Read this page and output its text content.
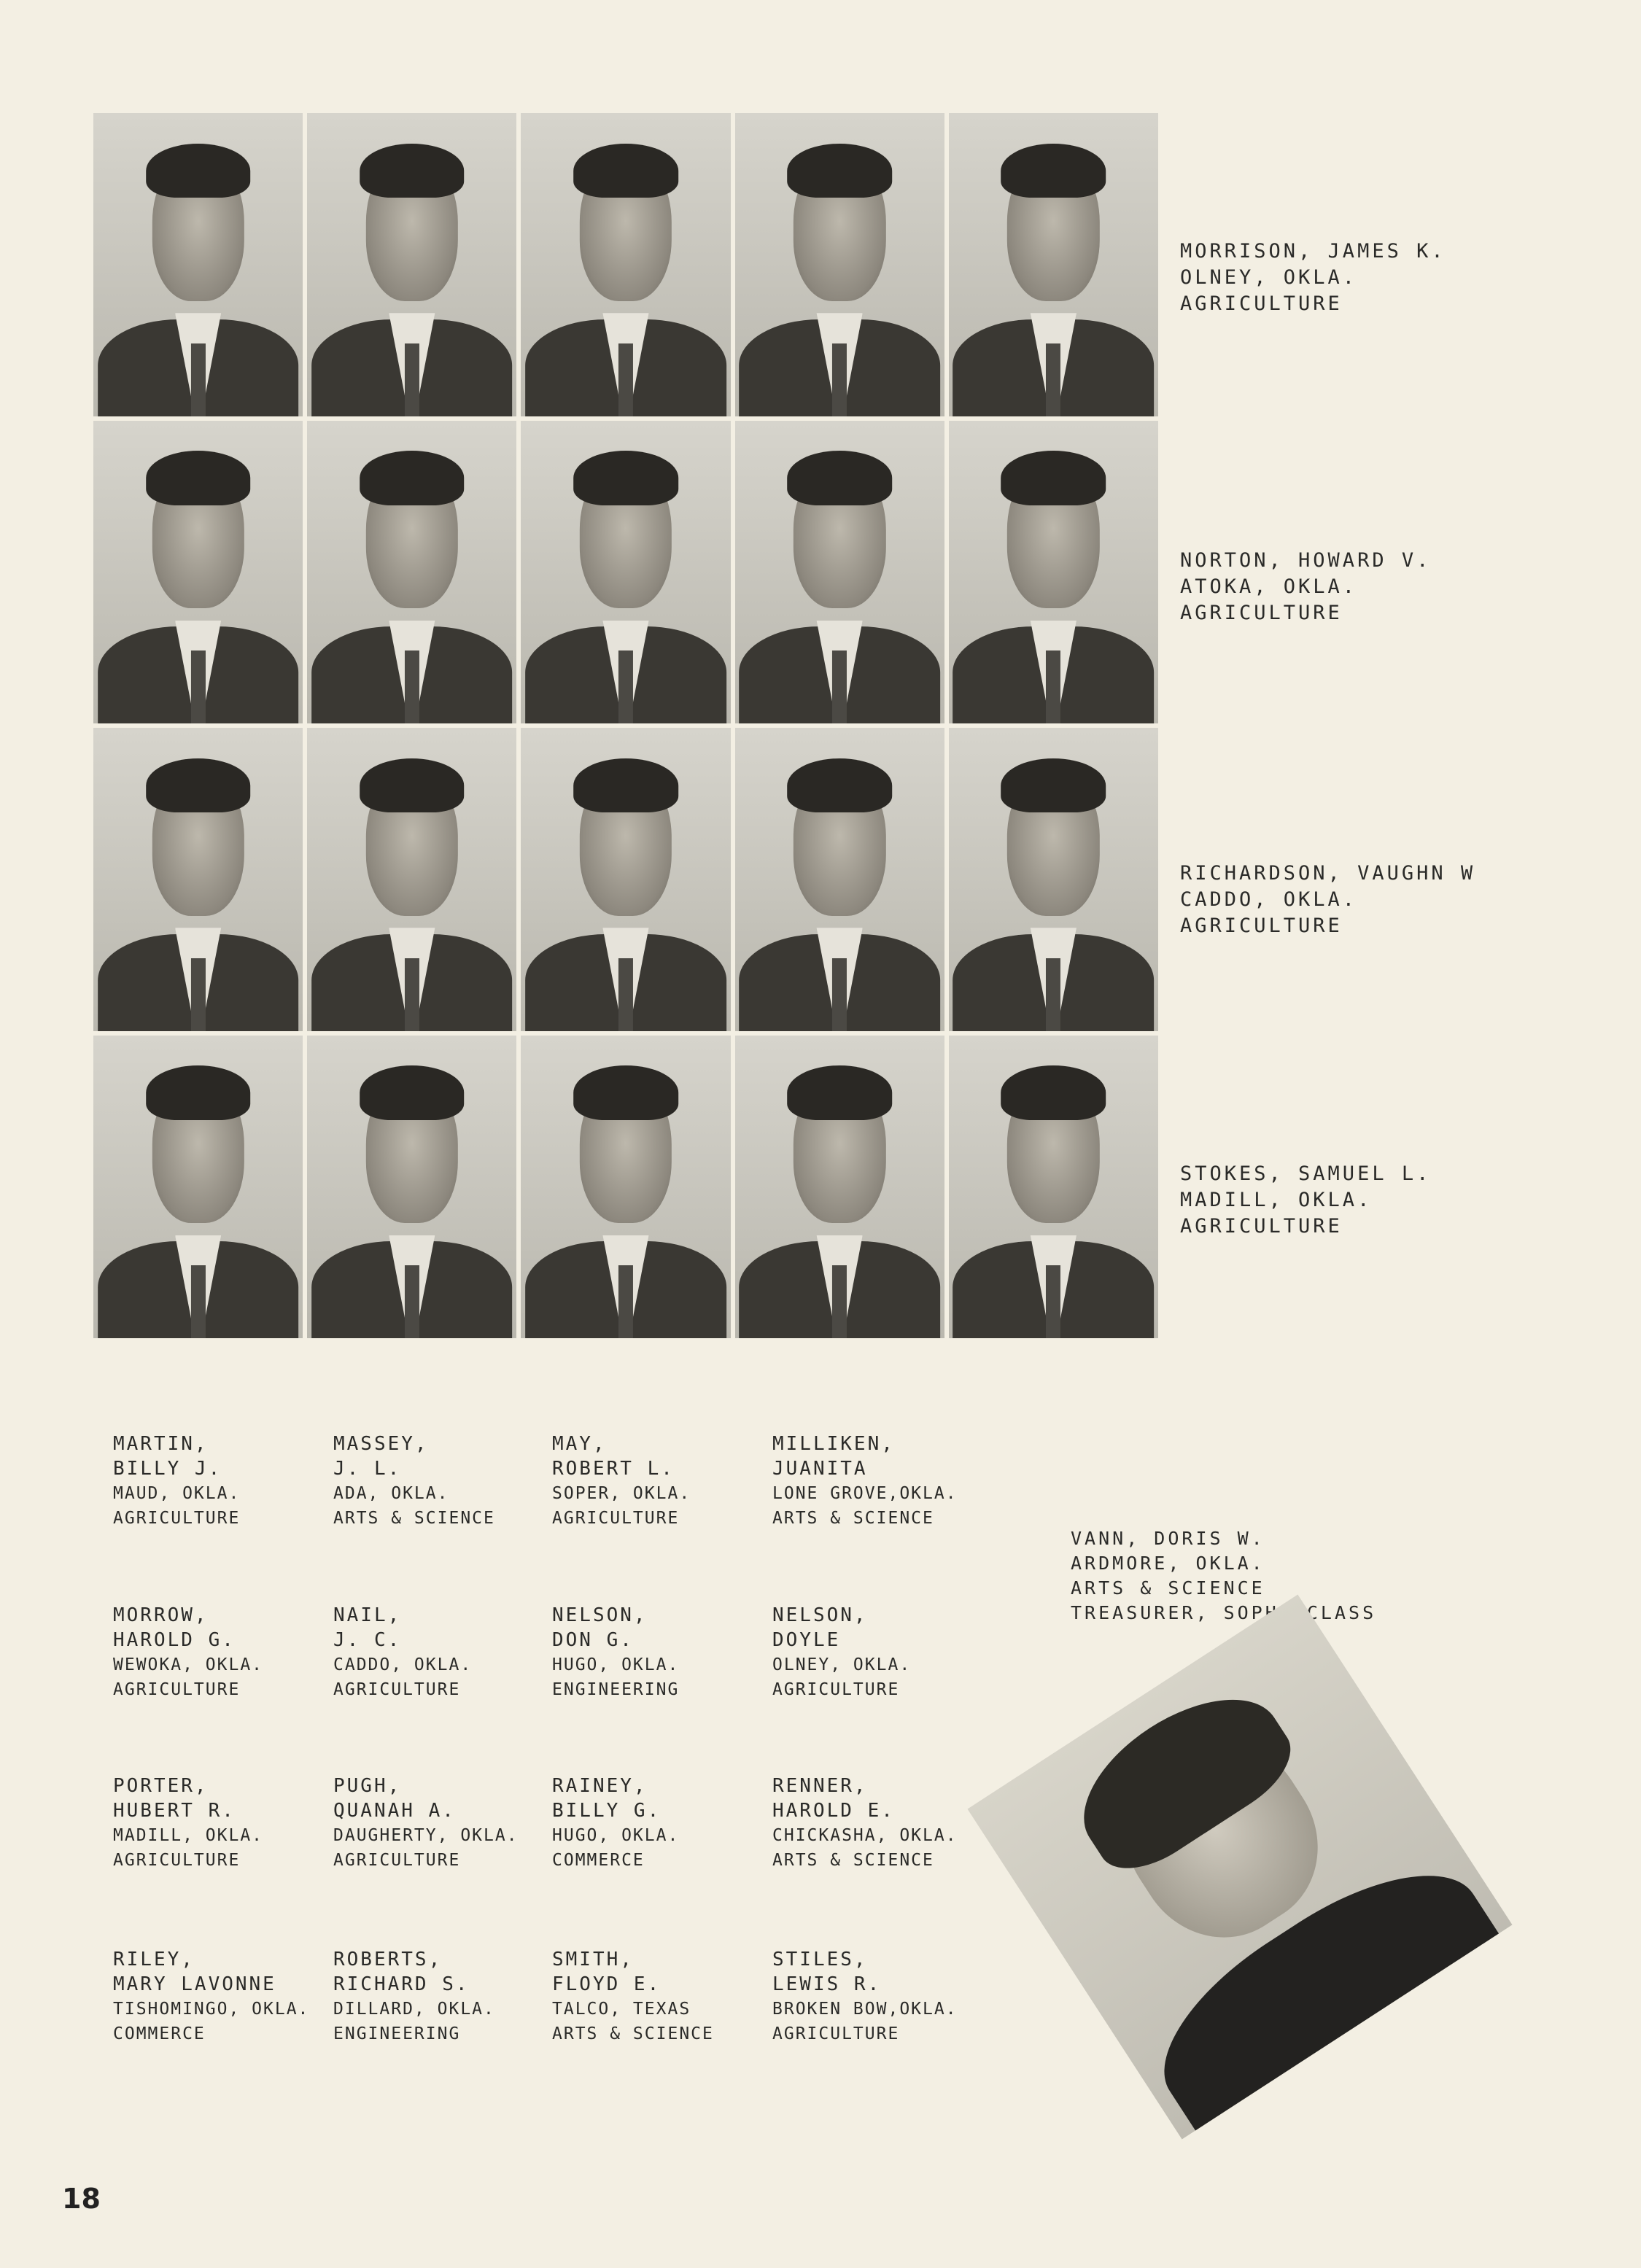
MORRISON, JAMES K.
OLNEY, OKLA.
AGRICULTURE
NORTON, HOWARD V.
ATOKA, OKLA.
AGRICULTURE
RICHARDSON, VAUGHN W
CADDO, OKLA.
AGRICULTURE
STOKES, SAMUEL L.
MADILL, OKLA.
AGRICULTURE
MARTIN,
BILLY J.
MAUD, OKLA.
AGRICULTURE
MASSEY,
J. L.
ADA, OKLA.
ARTS & SCIENCE
MAY,
ROBERT L.
SOPER, OKLA.
AGRICULTURE
MILLIKEN,
JUANITA
LONE GROVE,OKLA.
ARTS & SCIENCE
MORROW,
HAROLD G.
WEWOKA, OKLA.
AGRICULTURE
NAIL,
J. C.
CADDO, OKLA.
AGRICULTURE
NELSON,
DON G.
HUGO, OKLA.
ENGINEERING
NELSON,
DOYLE
OLNEY, OKLA.
AGRICULTURE
PORTER,
HUBERT R.
MADILL, OKLA.
AGRICULTURE
PUGH,
QUANAH A.
DAUGHERTY, OKLA.
AGRICULTURE
RAINEY,
BILLY G.
HUGO, OKLA.
COMMERCE
RENNER,
HAROLD E.
CHICKASHA, OKLA.
ARTS & SCIENCE
RILEY,
MARY LAVONNE
TISHOMINGO, OKLA.
COMMERCE
ROBERTS,
RICHARD S.
DILLARD, OKLA.
ENGINEERING
SMITH,
FLOYD E.
TALCO, TEXAS
ARTS & SCIENCE
STILES,
LEWIS R.
BROKEN BOW,OKLA.
AGRICULTURE
VANN, DORIS W.
ARDMORE, OKLA.
ARTS & SCIENCE
TREASURER, SOPH. CLASS
18
